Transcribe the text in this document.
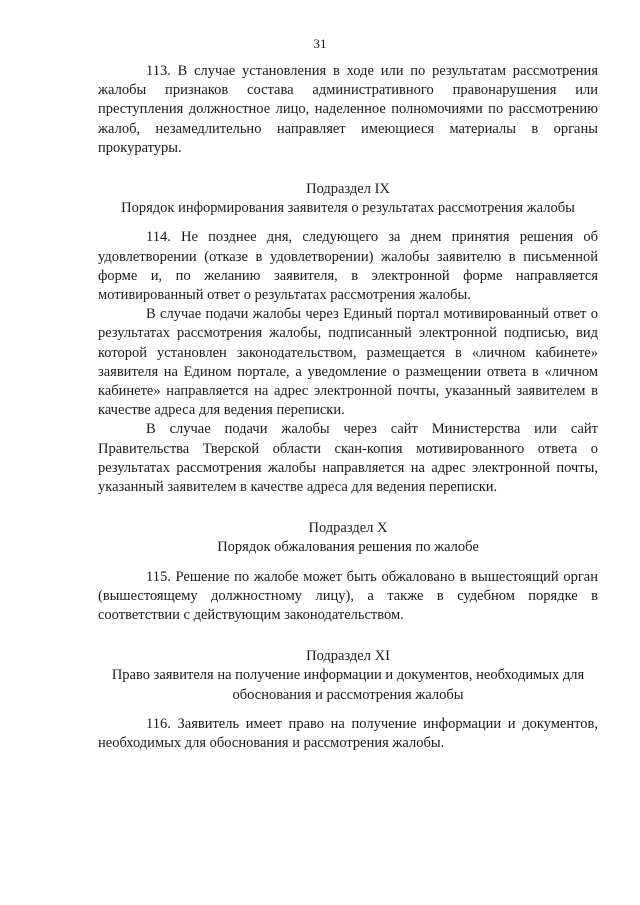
31

113. В случае установления в ходе или по результатам рассмотрения жалобы признаков состава административного правонарушения или преступления должностное лицо, наделенное полномочиями по рассмотрению жалоб, незамедлительно направляет имеющиеся материалы в органы прокуратуры.

Подраздел IX

Порядок информирования заявителя о результатах рассмотрения жалобы

114. Не позднее дня, следующего за днем принятия решения об удовлетворении (отказе в удовлетворении) жалобы заявителю в письменной форме и, по желанию заявителя, в электронной форме направляется мотивированный ответ о результатах рассмотрения жалобы.

В случае подачи жалобы через Единый портал мотивированный ответ о результатах рассмотрения жалобы, подписанный электронной подписью, вид которой установлен законодательством, размещается в «личном кабинете» заявителя на Едином портале, а уведомление о размещении ответа в «личном кабинете» направляется на адрес электронной почты, указанный заявителем в качестве адреса для ведения переписки.

В случае подачи жалобы через сайт Министерства или сайт Правительства Тверской области скан-копия мотивированного ответа о результатах рассмотрения жалобы направляется на адрес электронной почты, указанный заявителем в качестве адреса для ведения переписки.

Подраздел X

Порядок обжалования решения по жалобе

115. Решение по жалобе может быть обжаловано в вышестоящий орган (вышестоящему должностному лицу), а также в судебном порядке в соответствии с действующим законодательством.

Подраздел XI

Право заявителя на получение информации и документов, необходимых для обоснования и рассмотрения жалобы

116. Заявитель имеет право на получение информации и документов, необходимых для обоснования и рассмотрения жалобы.
